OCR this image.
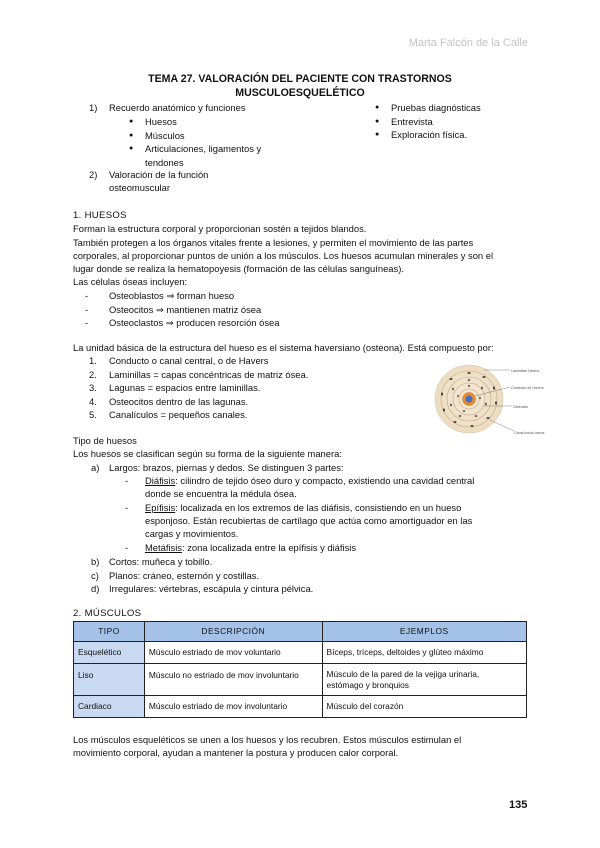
Marta Falcón de la Calle
TEMA 27. VALORACIÓN DEL PACIENTE CON TRASTORNOS
MUSCULOESQUELÉTICO
1) Recuerdo anatómico y funciones
● Huesos
● Músculos
● Articulaciones, ligamentos y
tendones
2) Valoración de la función
osteomuscular
● Pruebas diagnósticas
● Entrevista
● Exploración física.
1. HUESOS
Forman la estructura corporal y proporcionan sostén a tejidos blandos.
También protegen a los órganos vitales frente a lesiones, y permiten el movimiento de las partes
corporales, al proporcionar puntos de unión a los músculos. Los huesos acumulan minerales y son el
lugar donde se realiza la hematopoyesis (formación de las células sanguíneas).
Las células óseas incluyen:
- Osteoblastos ⇒ forman hueso
- Osteocitos ⇒ mantienen matriz ósea
- Osteoclastos ⇒ producen resorción ósea
La unidad básica de la estructura del hueso es el sistema haversiano (osteona). Está compuesto por:
1. Conducto o canal central, o de Havers
2. Laminillas = capas concéntricas de matriz ósea.
3. Lagunas = espacios entre laminillas.
4. Osteocitos dentro de las lagunas.
5. Canalículos = pequeños canales.
Laminillas Havers
Conducto de Havers
Osteocito
Canal ículos óseos
Tipo de huesos
Los huesos se clasifican según su forma de la siguiente manera:
a) Largos: brazos, piernas y dedos. Se distinguen 3 partes:
- Diáfisis: cilindro de tejido óseo duro y compacto, existiendo una cavidad central
donde se encuentra la médula ósea.
- Epífisis: localizada en los extremos de las diáfisis, consistiendo en un hueso
esponjoso. Están recubiertas de cartílago que actúa como amortiguador en las
cargas y movimientos.
- Metáfisis: zona localizada entre la epífisis y diáfisis
b) Cortos: muñeca y tobillo.
c) Planos: cráneo, esternón y costillas.
d) Irregulares: vértebras, escápula y cintura pélvica.
2. MÚSCULOS
TIPO	DESCRIPCIÓN	EJEMPLOS
Esquelético	Músculo estriado de mov voluntario	Bíceps, tríceps, deltoides y glúteo máximo
Liso	Músculo no estriado de mov involuntario	Músculo de la pared de la vejiga urinaria,
estómago y bronquios

Cardiaco	Músculo estriado de mov involuntario	Músculo del corazón
Los músculos esqueléticos se unen a los huesos y los recubren. Estos músculos estimulan el
movimiento corporal, ayudan a mantener la postura y producen calor corporal.
135
